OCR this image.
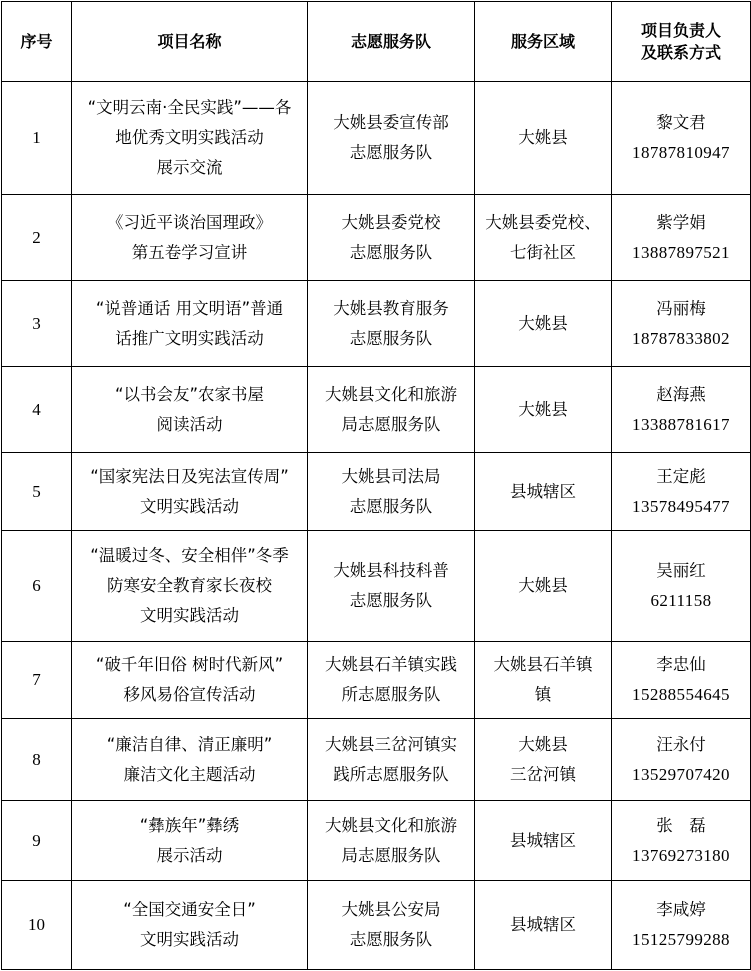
序号	项目名称	志愿服务队	服务区域	项目负责人
及联系方式

1	“文明云南·全民实践”——各
地优秀文明实践活动
展示交流	大姚县委宣传部
志愿服务队	大姚县	黎文君
18787810947

2	《习近平谈治国理政》
第五卷学习宣讲	大姚县委党校
志愿服务队	大姚县委党校、
七街社区	紫学娟
13887897521

3	“说普通话 用文明语”普通
话推广文明实践活动	大姚县教育服务
志愿服务队	大姚县	冯丽梅
18787833802

4	“以书会友”农家书屋
阅读活动	大姚县文化和旅游
局志愿服务队	大姚县	赵海燕
13388781617

5	“国家宪法日及宪法宣传周”
文明实践活动	大姚县司法局
志愿服务队	县城辖区	王定彪
13578495477

6	“温暖过冬、安全相伴”冬季
防寒安全教育家长夜校
文明实践活动	大姚县科技科普
志愿服务队	大姚县	吴丽红
6211158

7	“破千年旧俗 树时代新风”
移风易俗宣传活动	大姚县石羊镇实践
所志愿服务队	大姚县石羊镇
镇	李忠仙
15288554645

8	“廉洁自律、清正廉明”
廉洁文化主题活动	大姚县三岔河镇实
践所志愿服务队	大姚县
三岔河镇	汪永付
13529707420

9	“彝族年”彝绣
展示活动	大姚县文化和旅游
局志愿服务队	县城辖区	张　磊
13769273180

10	“全国交通安全日”
文明实践活动	大姚县公安局
志愿服务队	县城辖区	李咸婷
15125799288
